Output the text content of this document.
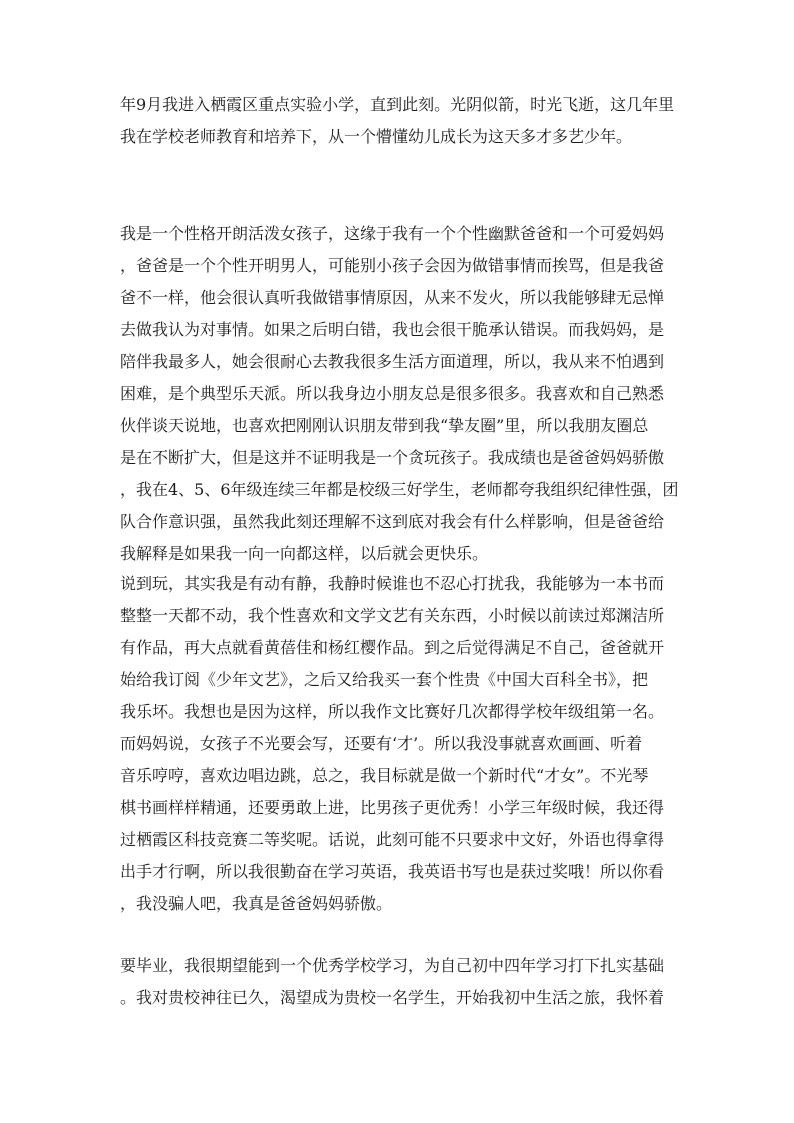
年9月我进入栖霞区重点实验小学，直到此刻。光阴似箭，时光飞逝，这几年里
我在学校老师教育和培养下，从一个懵懂幼儿成长为这天多才多艺少年。
我是一个性格开朗活泼女孩子，这缘于我有一个个性幽默爸爸和一个可爱妈妈
，爸爸是一个个性开明男人，可能别小孩子会因为做错事情而挨骂，但是我爸
爸不一样，他会很认真听我做错事情原因，从来不发火，所以我能够肆无忌惮
去做我认为对事情。如果之后明白错，我也会很干脆承认错误。而我妈妈，是
陪伴我最多人，她会很耐心去教我很多生活方面道理，所以，我从来不怕遇到
困难，是个典型乐天派。所以我身边小朋友总是很多很多。我喜欢和自己熟悉
伙伴谈天说地，也喜欢把刚刚认识朋友带到我“挚友圈”里，所以我朋友圈总
是在不断扩大，但是这并不证明我是一个贪玩孩子。我成绩也是爸爸妈妈骄傲
，我在4、5、6年级连续三年都是校级三好学生，老师都夸我组织纪律性强，团
队合作意识强，虽然我此刻还理解不这到底对我会有什么样影响，但是爸爸给
我解释是如果我一向一向都这样，以后就会更快乐。
说到玩，其实我是有动有静，我静时候谁也不忍心打扰我，我能够为一本书而
整整一天都不动，我个性喜欢和文学文艺有关东西，小时候以前读过郑渊洁所
有作品，再大点就看黄蓓佳和杨红樱作品。到之后觉得满足不自己，爸爸就开
始给我订阅《少年文艺》，之后又给我买一套个性贵《中国大百科全书》，把
我乐坏。我想也是因为这样，所以我作文比赛好几次都得学校年级组第一名。
而妈妈说，女孩子不光要会写，还要有‘才’。所以我没事就喜欢画画、听着
音乐哼哼，喜欢边唱边跳，总之，我目标就是做一个新时代“才女”。不光琴
棋书画样样精通，还要勇敢上进，比男孩子更优秀！小学三年级时候，我还得
过栖霞区科技竞赛二等奖呢。话说，此刻可能不只要求中文好，外语也得拿得
出手才行啊，所以我很勤奋在学习英语，我英语书写也是获过奖哦！所以你看
，我没骗人吧，我真是爸爸妈妈骄傲。
要毕业，我很期望能到一个优秀学校学习，为自己初中四年学习打下扎实基础
。我对贵校神往已久，渴望成为贵校一名学生，开始我初中生活之旅，我怀着
